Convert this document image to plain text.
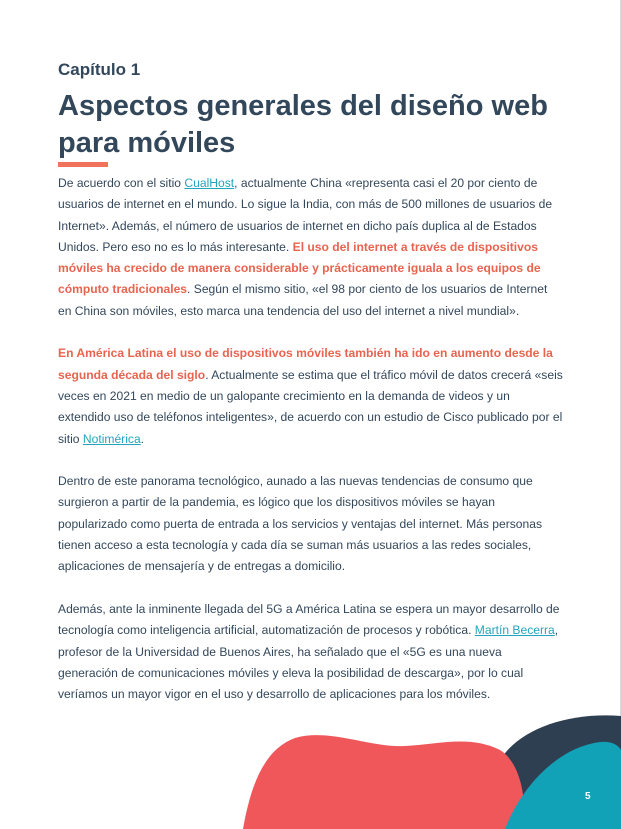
Capítulo 1
Aspectos generales del diseño web para móviles

De acuerdo con el sitio CualHost, actualmente China «representa casi el 20 por ciento de usuarios de internet en el mundo. Lo sigue la India, con más de 500 millones de usuarios de Internet». Además, el número de usuarios de internet en dicho país duplica al de Estados Unidos. Pero eso no es lo más interesante. El uso del internet a través de dispositivos móviles ha crecido de manera considerable y prácticamente iguala a los equipos de cómputo tradicionales. Según el mismo sitio, «el 98 por ciento de los usuarios de Internet en China son móviles, esto marca una tendencia del uso del internet a nivel mundial».

En América Latina el uso de dispositivos móviles también ha ido en aumento desde la segunda década del siglo. Actualmente se estima que el tráfico móvil de datos crecerá «seis veces en 2021 en medio de un galopante crecimiento en la demanda de videos y un extendido uso de teléfonos inteligentes», de acuerdo con un estudio de Cisco publicado por el sitio Notimérica.

Dentro de este panorama tecnológico, aunado a las nuevas tendencias de consumo que surgieron a partir de la pandemia, es lógico que los dispositivos móviles se hayan popularizado como puerta de entrada a los servicios y ventajas del internet. Más personas tienen acceso a esta tecnología y cada día se suman más usuarios a las redes sociales, aplicaciones de mensajería y de entregas a domicilio.

Además, ante la inminente llegada del 5G a América Latina se espera un mayor desarrollo de tecnología como inteligencia artificial, automatización de procesos y robótica. Martín Becerra, profesor de la Universidad de Buenos Aires, ha señalado que el «5G es una nueva generación de comunicaciones móviles y eleva la posibilidad de descarga», por lo cual veríamos un mayor vigor en el uso y desarrollo de aplicaciones para los móviles.

5
